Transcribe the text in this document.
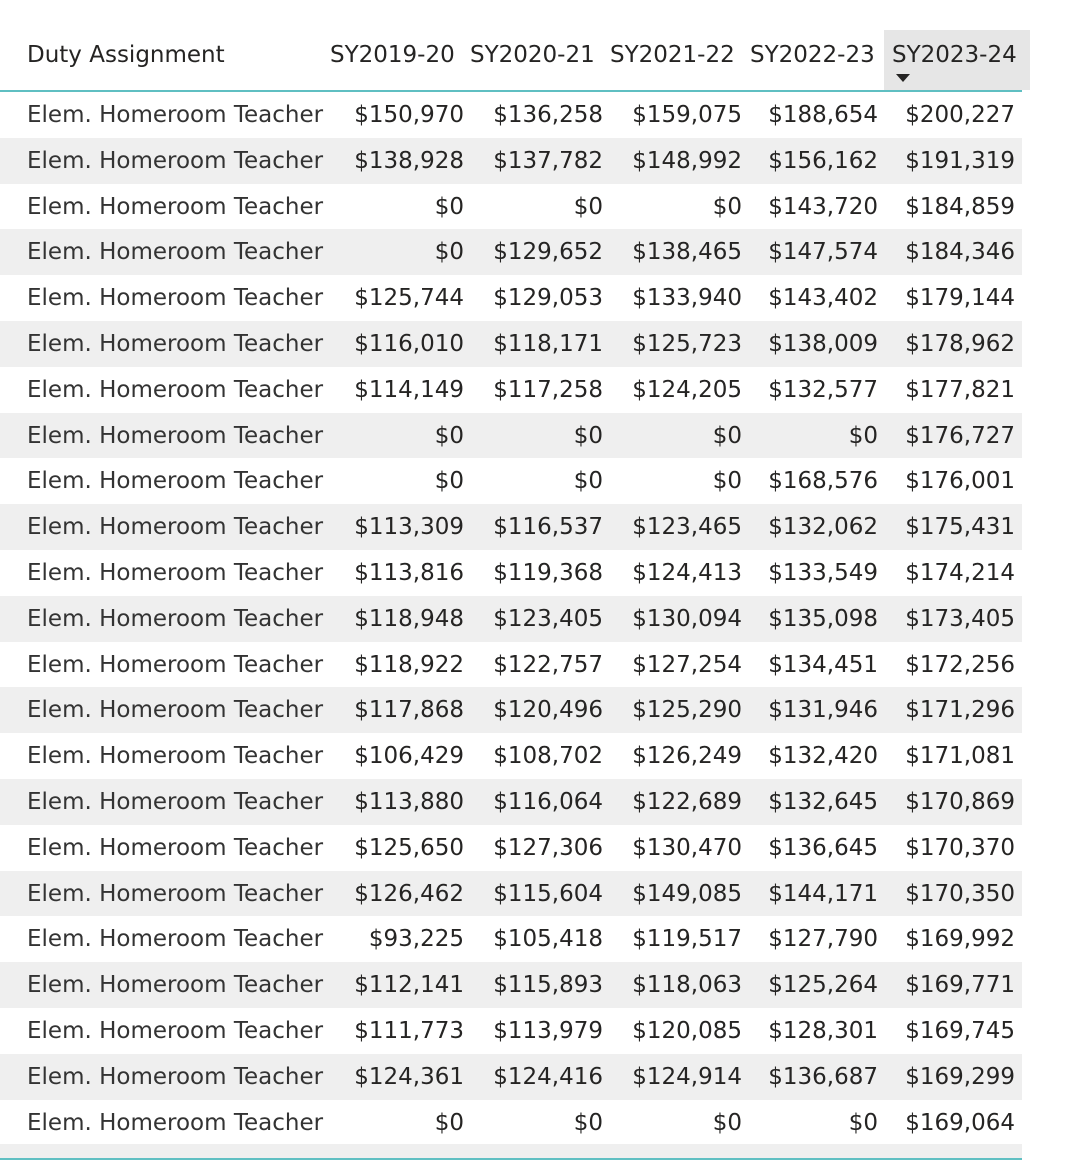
Duty Assignment	SY2019-20 SY2020-21 SY2021-22 SY2022-23 SY2023-24
Elem. Homeroom Teacher	$150,970	$136,258	$159,075	$188,654	$200,227
Elem. Homeroom Teacher	$138,928	$137,782	$148,992	$156,162	$191,319
Elem. Homeroom Teacher	$0	$0	$0	$143,720	$184,859
Elem. Homeroom Teacher	$0	$129,652	$138,465	$147,574	$184,346
Elem. Homeroom Teacher	$125,744	$129,053	$133,940	$143,402	$179,144
Elem. Homeroom Teacher	$116,010	$118,171	$125,723	$138,009	$178,962
Elem. Homeroom Teacher	$114,149	$117,258	$124,205	$132,577	$177,821
Elem. Homeroom Teacher	$0	$0	$0	$0	$176,727
Elem. Homeroom Teacher	$0	$0	$0	$168,576	$176,001
Elem. Homeroom Teacher	$113,309	$116,537	$123,465	$132,062	$175,431
Elem. Homeroom Teacher	$113,816	$119,368	$124,413	$133,549	$174,214
Elem. Homeroom Teacher	$118,948	$123,405	$130,094	$135,098	$173,405
Elem. Homeroom Teacher	$118,922	$122,757	$127,254	$134,451	$172,256
Elem. Homeroom Teacher	$117,868	$120,496	$125,290	$131,946	$171,296
Elem. Homeroom Teacher	$106,429	$108,702	$126,249	$132,420	$171,081
Elem. Homeroom Teacher	$113,880	$116,064	$122,689	$132,645	$170,869
Elem. Homeroom Teacher	$125,650	$127,306	$130,470	$136,645	$170,370
Elem. Homeroom Teacher	$126,462	$115,604	$149,085	$144,171	$170,350
Elem. Homeroom Teacher	$93,225	$105,418	$119,517	$127,790	$169,992
Elem. Homeroom Teacher	$112,141	$115,893	$118,063	$125,264	$169,771
Elem. Homeroom Teacher	$111,773	$113,979	$120,085	$128,301	$169,745
Elem. Homeroom Teacher	$124,361	$124,416	$124,914	$136,687	$169,299
Elem. Homeroom Teacher	$0	$0	$0	$0	$169,064
